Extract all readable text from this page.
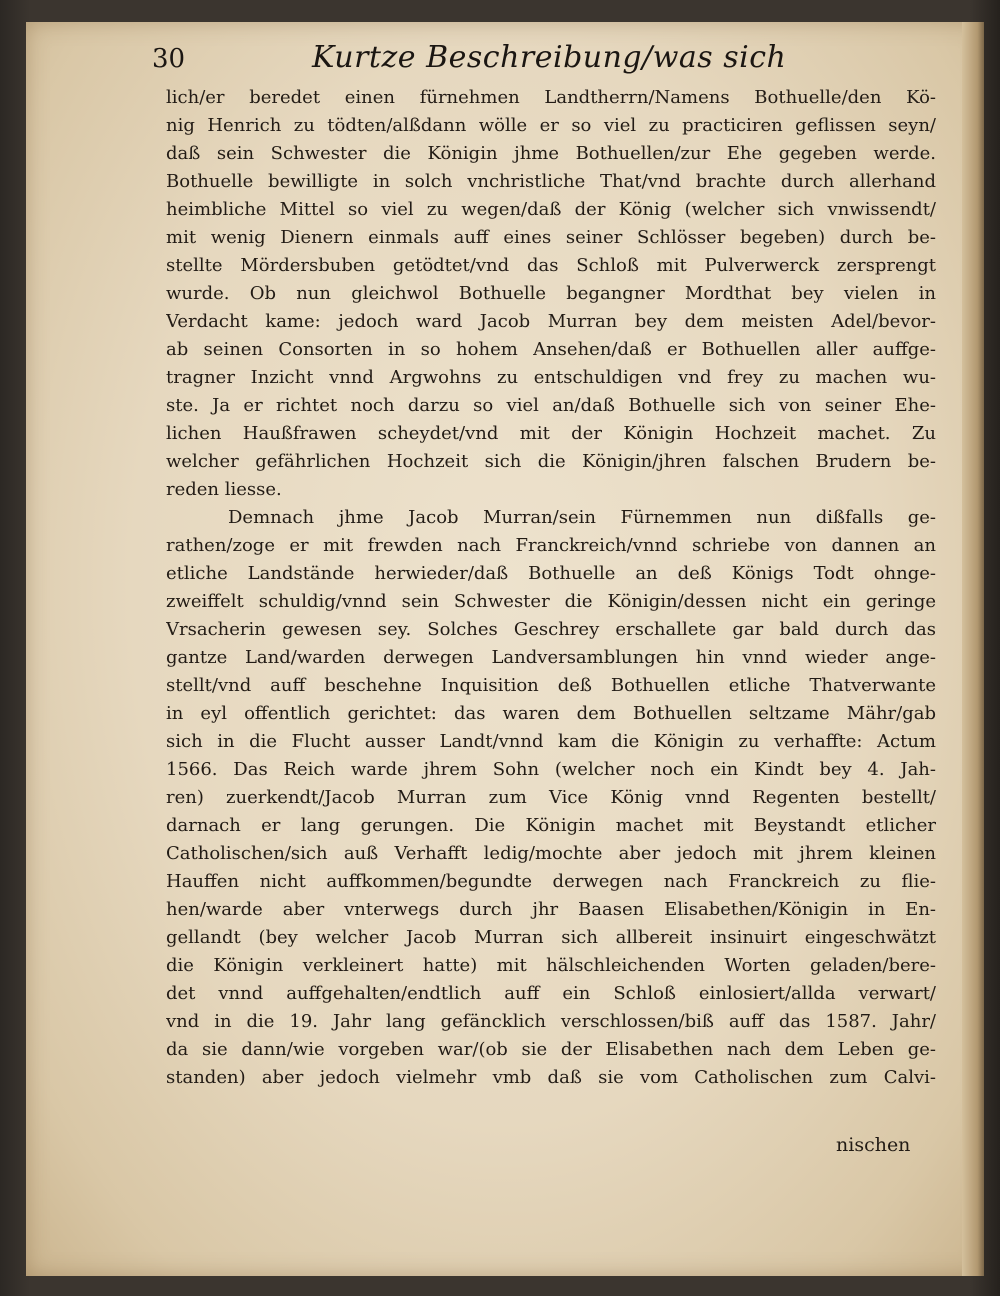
30	Kurtze Beschreibung/was sich
lich/er beredet einen fürnehmen Landtherrn/Namens Bothuelle/den Kö-
nig Henrich zu tödten/alßdann wölle er so viel zu practiciren geflissen seyn/
daß sein Schwester die Königin jhme Bothuellen/zur Ehe gegeben werde.
Bothuelle bewilligte in solch vnchristliche That/vnd brachte durch allerhand
heimbliche Mittel so viel zu wegen/daß der König (welcher sich vnwissendt/
mit wenig Dienern einmals auff eines seiner Schlösser begeben) durch be-
stellte Mördersbuben getödtet/vnd das Schloß mit Pulverwerck zersprengt
wurde. Ob nun gleichwol Bothuelle begangner Mordthat bey vielen in
Verdacht kame: jedoch ward Jacob Murran bey dem meisten Adel/bevor-
ab seinen Consorten in so hohem Ansehen/daß er Bothuellen aller auffge-
tragner Inzicht vnnd Argwohns zu entschuldigen vnd frey zu machen wu-
ste. Ja er richtet noch darzu so viel an/daß Bothuelle sich von seiner Ehe-
lichen Haußfrawen scheydet/vnd mit der Königin Hochzeit machet. Zu
welcher gefährlichen Hochzeit sich die Königin/jhren falschen Brudern be-
reden liesse.
Demnach jhme Jacob Murran/sein Fürnemmen nun dißfalls ge-
rathen/zoge er mit frewden nach Franckreich/vnnd schriebe von dannen an
etliche Landstände herwieder/daß Bothuelle an deß Königs Todt ohnge-
zweiffelt schuldig/vnnd sein Schwester die Königin/dessen nicht ein geringe
Vrsacherin gewesen sey. Solches Geschrey erschallete gar bald durch das
gantze Land/warden derwegen Landversamblungen hin vnnd wieder ange-
stellt/vnd auff beschehne Inquisition deß Bothuellen etliche Thatverwante
in eyl offentlich gerichtet: das waren dem Bothuellen seltzame Mähr/gab
sich in die Flucht ausser Landt/vnnd kam die Königin zu verhaffte: Actum
1566. Das Reich warde jhrem Sohn (welcher noch ein Kindt bey 4. Jah-
ren) zuerkendt/Jacob Murran zum Vice König vnnd Regenten bestellt/
darnach er lang gerungen. Die Königin machet mit Beystandt etlicher
Catholischen/sich auß Verhafft ledig/mochte aber jedoch mit jhrem kleinen
Hauffen nicht auffkommen/begundte derwegen nach Franckreich zu flie-
hen/warde aber vnterwegs durch jhr Baasen Elisabethen/Königin in En-
gellandt (bey welcher Jacob Murran sich allbereit insinuirt eingeschwätzt
die Königin verkleinert hatte) mit hälschleichenden Worten geladen/bere-
det vnnd auffgehalten/endtlich auff ein Schloß einlosiert/allda verwart/
vnd in die 19. Jahr lang gefäncklich verschlossen/biß auff das 1587. Jahr/
da sie dann/wie vorgeben war/(ob sie der Elisabethen nach dem Leben ge-
standen) aber jedoch vielmehr vmb daß sie vom Catholischen zum Calvi-
nischen
